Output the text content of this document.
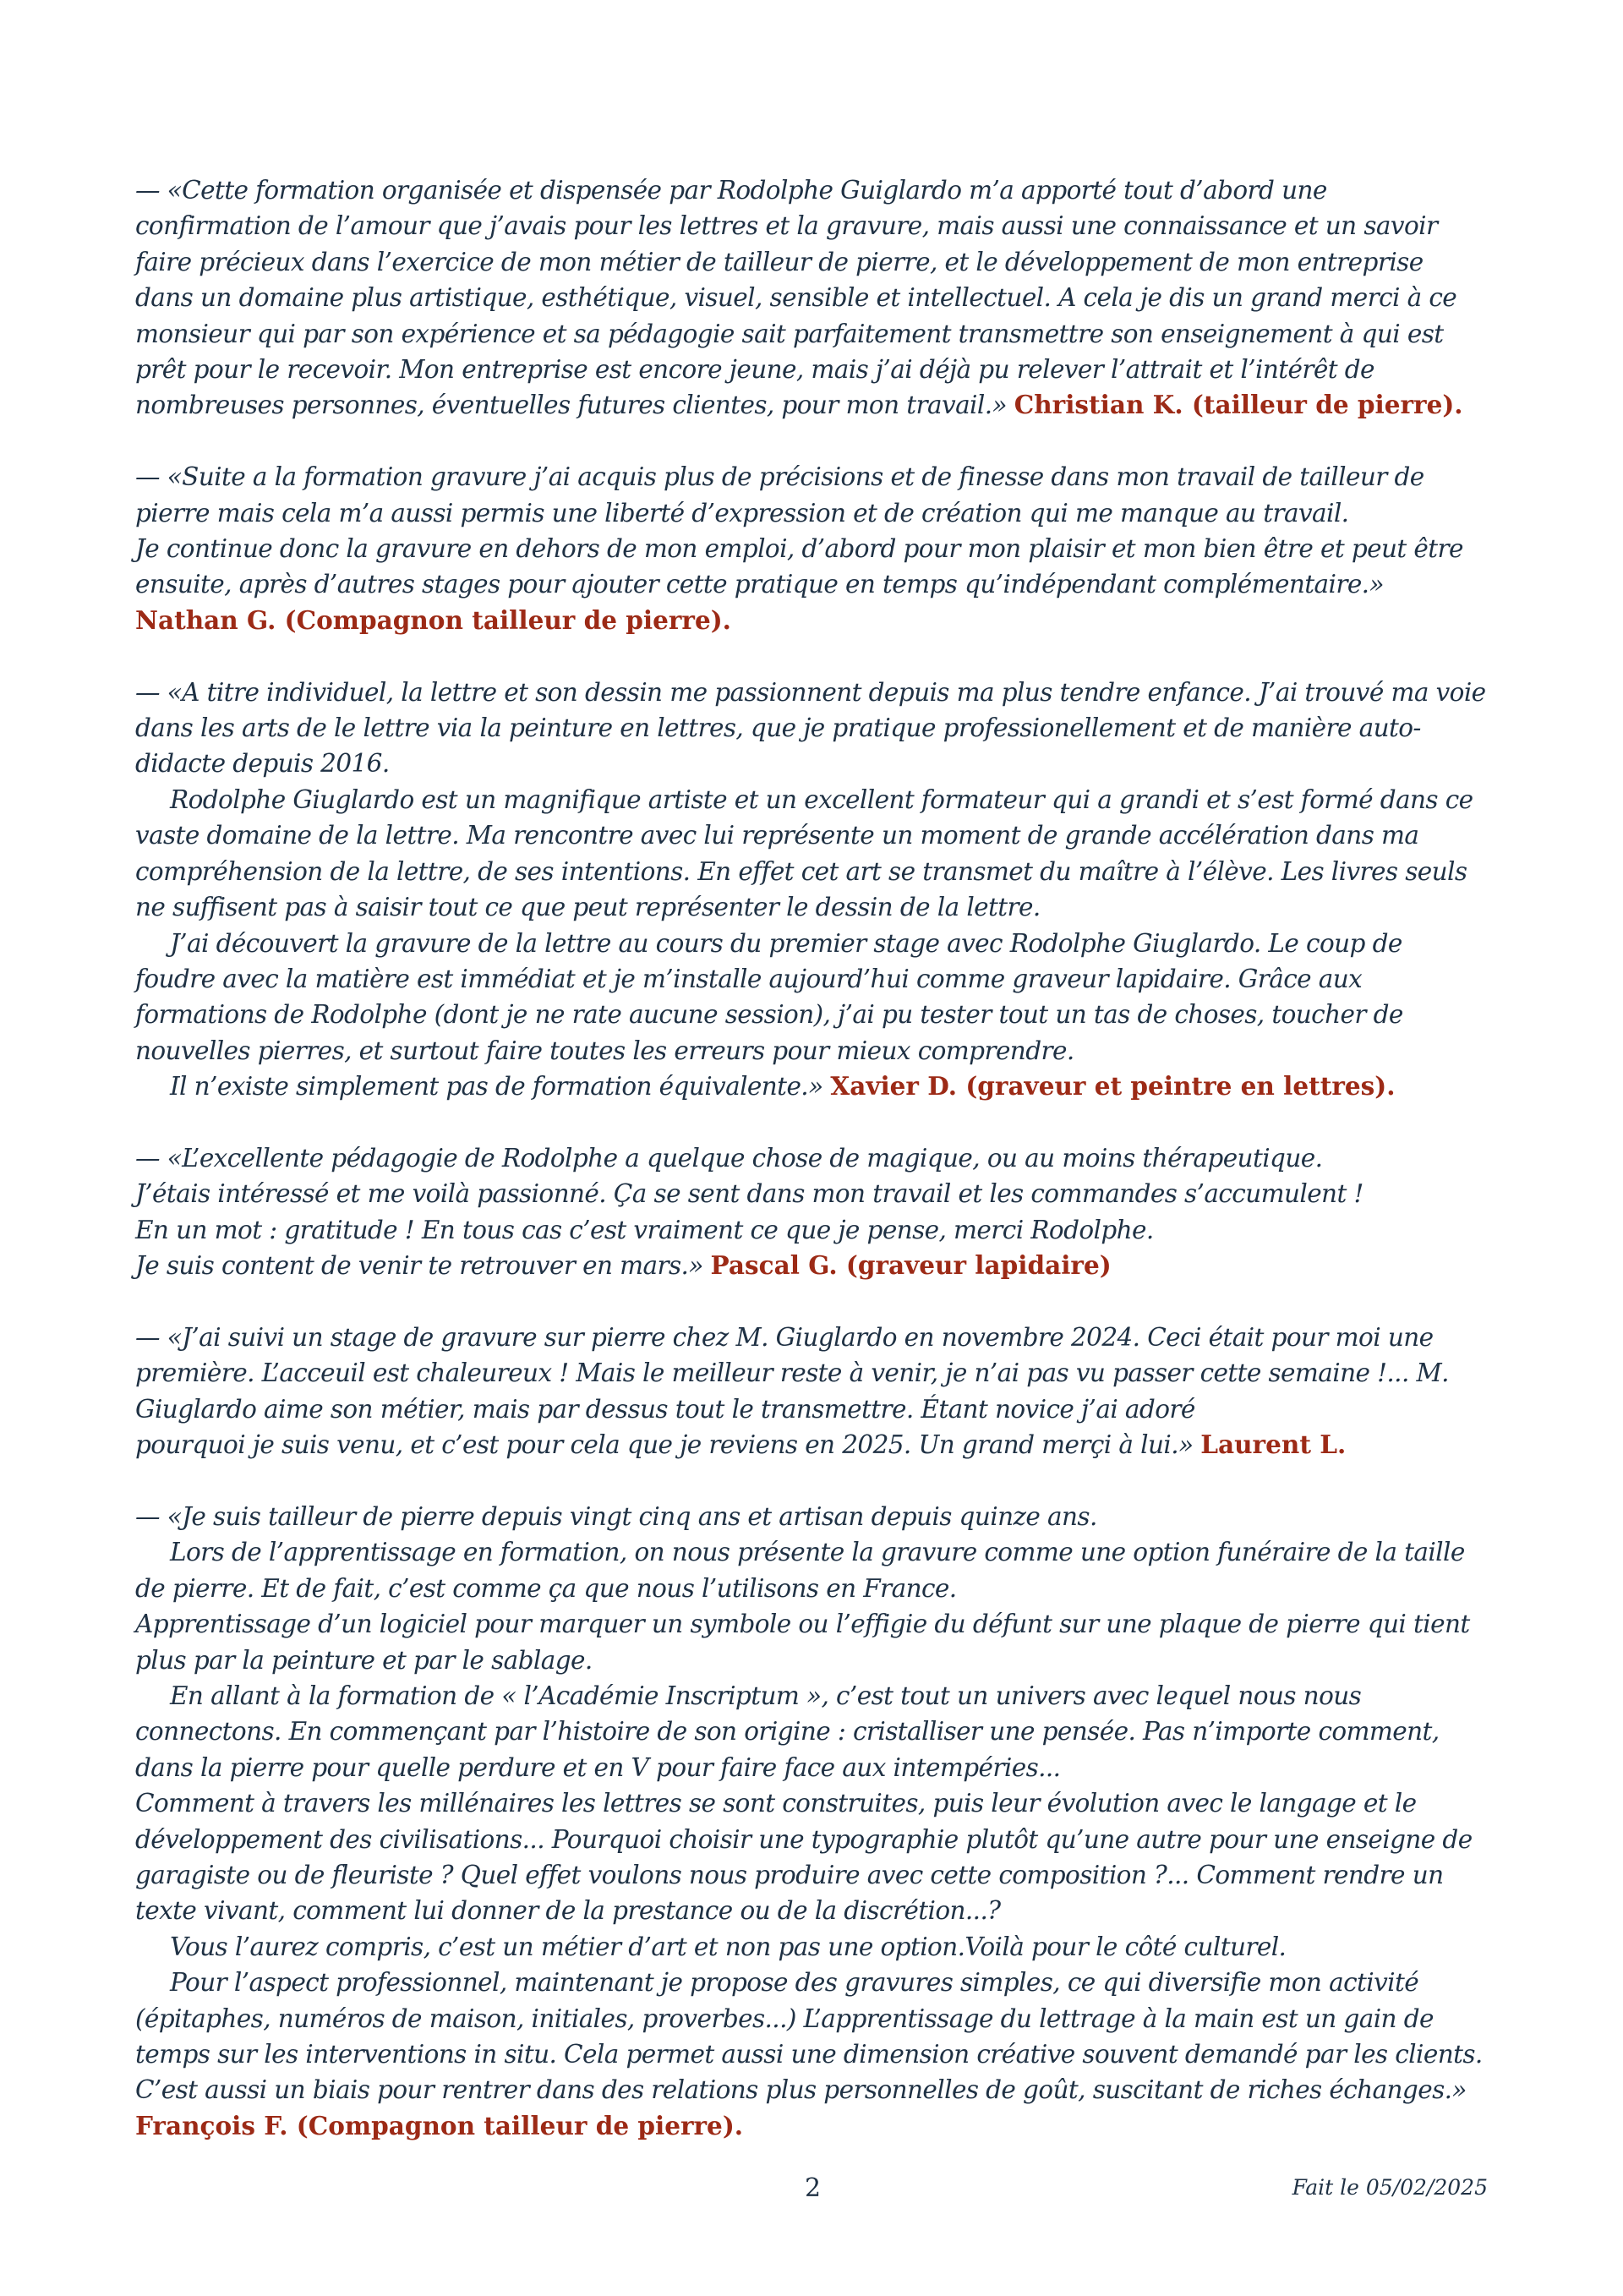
— «Cette formation organisée et dispensée par Rodolphe Guiglardo m’a apporté tout d’abord une confirmation de l’amour que j’avais pour les lettres et la gravure, mais aussi une connaissance et un savoir faire précieux dans l’exercice de mon métier de tailleur de pierre, et le développement de mon entreprise dans un domaine plus artistique, esthétique, visuel, sensible et intellectuel. A cela je dis un grand merci à ce monsieur qui par son expérience et sa pédagogie sait parfaitement transmettre son enseignement à qui est prêt pour le recevoir. Mon entreprise est encore jeune, mais j’ai déjà pu relever l’attrait et l’intérêt de nombreuses personnes, éventuelles futures clientes, pour mon travail.» Christian K. (tailleur de pierre).

— «Suite a la formation gravure j’ai acquis plus de précisions et de finesse dans mon travail de tailleur de pierre mais cela m’a aussi permis une liberté d’expression et de création qui me manque au travail.

Je continue donc la gravure en dehors de mon emploi, d’abord pour mon plaisir et mon bien être et peut être ensuite, après d’autres stages pour ajouter cette pratique en temps qu’indépendant complémentaire.» Nathan G. (Compagnon tailleur de pierre).

— «A titre individuel, la lettre et son dessin me passionnent depuis ma plus tendre enfance. J’ai trouvé ma voie dans les arts de le lettre via la peinture en lettres, que je pratique professionellement et de manière auto-didacte depuis 2016.

Rodolphe Giuglardo est un magnifique artiste et un excellent formateur qui a grandi et s’est formé dans ce vaste domaine de la lettre. Ma rencontre avec lui représente un moment de grande accélération dans ma compréhension de la lettre, de ses intentions. En effet cet art se transmet du maître à l’élève. Les livres seuls ne suffisent pas à saisir tout ce que peut représenter le dessin de la lettre.

J’ai découvert la gravure de la lettre au cours du premier stage avec Rodolphe Giuglardo. Le coup de foudre avec la matière est immédiat et je m’installe aujourd’hui comme graveur lapidaire. Grâce aux formations de Rodolphe (dont je ne rate aucune session), j’ai pu tester tout un tas de choses, toucher de nouvelles pierres, et surtout faire toutes les erreurs pour mieux comprendre.

Il n’existe simplement pas de formation équivalente.» Xavier D. (graveur et peintre en lettres).

— «L’excellente pédagogie de Rodolphe a quelque chose de magique, ou au moins thérapeutique.

J’étais intéressé et me voilà passionné. Ça se sent dans mon travail et les commandes s’accumulent !

En un mot : gratitude ! En tous cas c’est vraiment ce que je pense, merci Rodolphe.

Je suis content de venir te retrouver en mars.» Pascal G. (graveur lapidaire)

— «J’ai suivi un stage de gravure sur pierre chez M. Giuglardo en novembre 2024. Ceci était pour moi une première. L’acceuil est chaleureux ! Mais le meilleur reste à venir, je n’ai pas vu passer cette semaine !... M. Giuglardo aime son métier, mais par dessus tout le transmettre. Étant novice j’ai adoré

pourquoi je suis venu, et c’est pour cela que je reviens en 2025. Un grand merçi à lui.» Laurent L.

— «Je suis tailleur de pierre depuis vingt cinq ans et artisan depuis quinze ans.

Lors de l’apprentissage en formation, on nous présente la gravure comme une option funéraire de la taille de pierre. Et de fait, c’est comme ça que nous l’utilisons en France.

Apprentissage d’un logiciel pour marquer un symbole ou l’effigie du défunt sur une plaque de pierre qui tient plus par la peinture et par le sablage.

En allant à la formation de « l’Académie Inscriptum », c’est tout un univers avec lequel nous nous connectons. En commençant par l’histoire de son origine : cristalliser une pensée. Pas n’importe comment, dans la pierre pour quelle perdure et en V pour faire face aux intempéries...

Comment à travers les millénaires les lettres se sont construites, puis leur évolution avec le langage et le développement des civilisations... Pourquoi choisir une typographie plutôt qu’une autre pour une enseigne de garagiste ou de fleuriste ? Quel effet voulons nous produire avec cette composition ?... Comment rendre un texte vivant, comment lui donner de la prestance ou de la discrétion...?

Vous l’aurez compris, c’est un métier d’art et non pas une option.Voilà pour le côté culturel.

Pour l’aspect professionnel, maintenant je propose des gravures simples, ce qui diversifie mon activité (épitaphes, numéros de maison, initiales, proverbes...) L’apprentissage du lettrage à la main est un gain de temps sur les interventions in situ. Cela permet aussi une dimension créative souvent demandé par les clients. C’est aussi un biais pour rentrer dans des relations plus personnelles de goût, suscitant de riches échanges.» François F. (Compagnon tailleur de pierre).

2	Fait le 05/02/2025
